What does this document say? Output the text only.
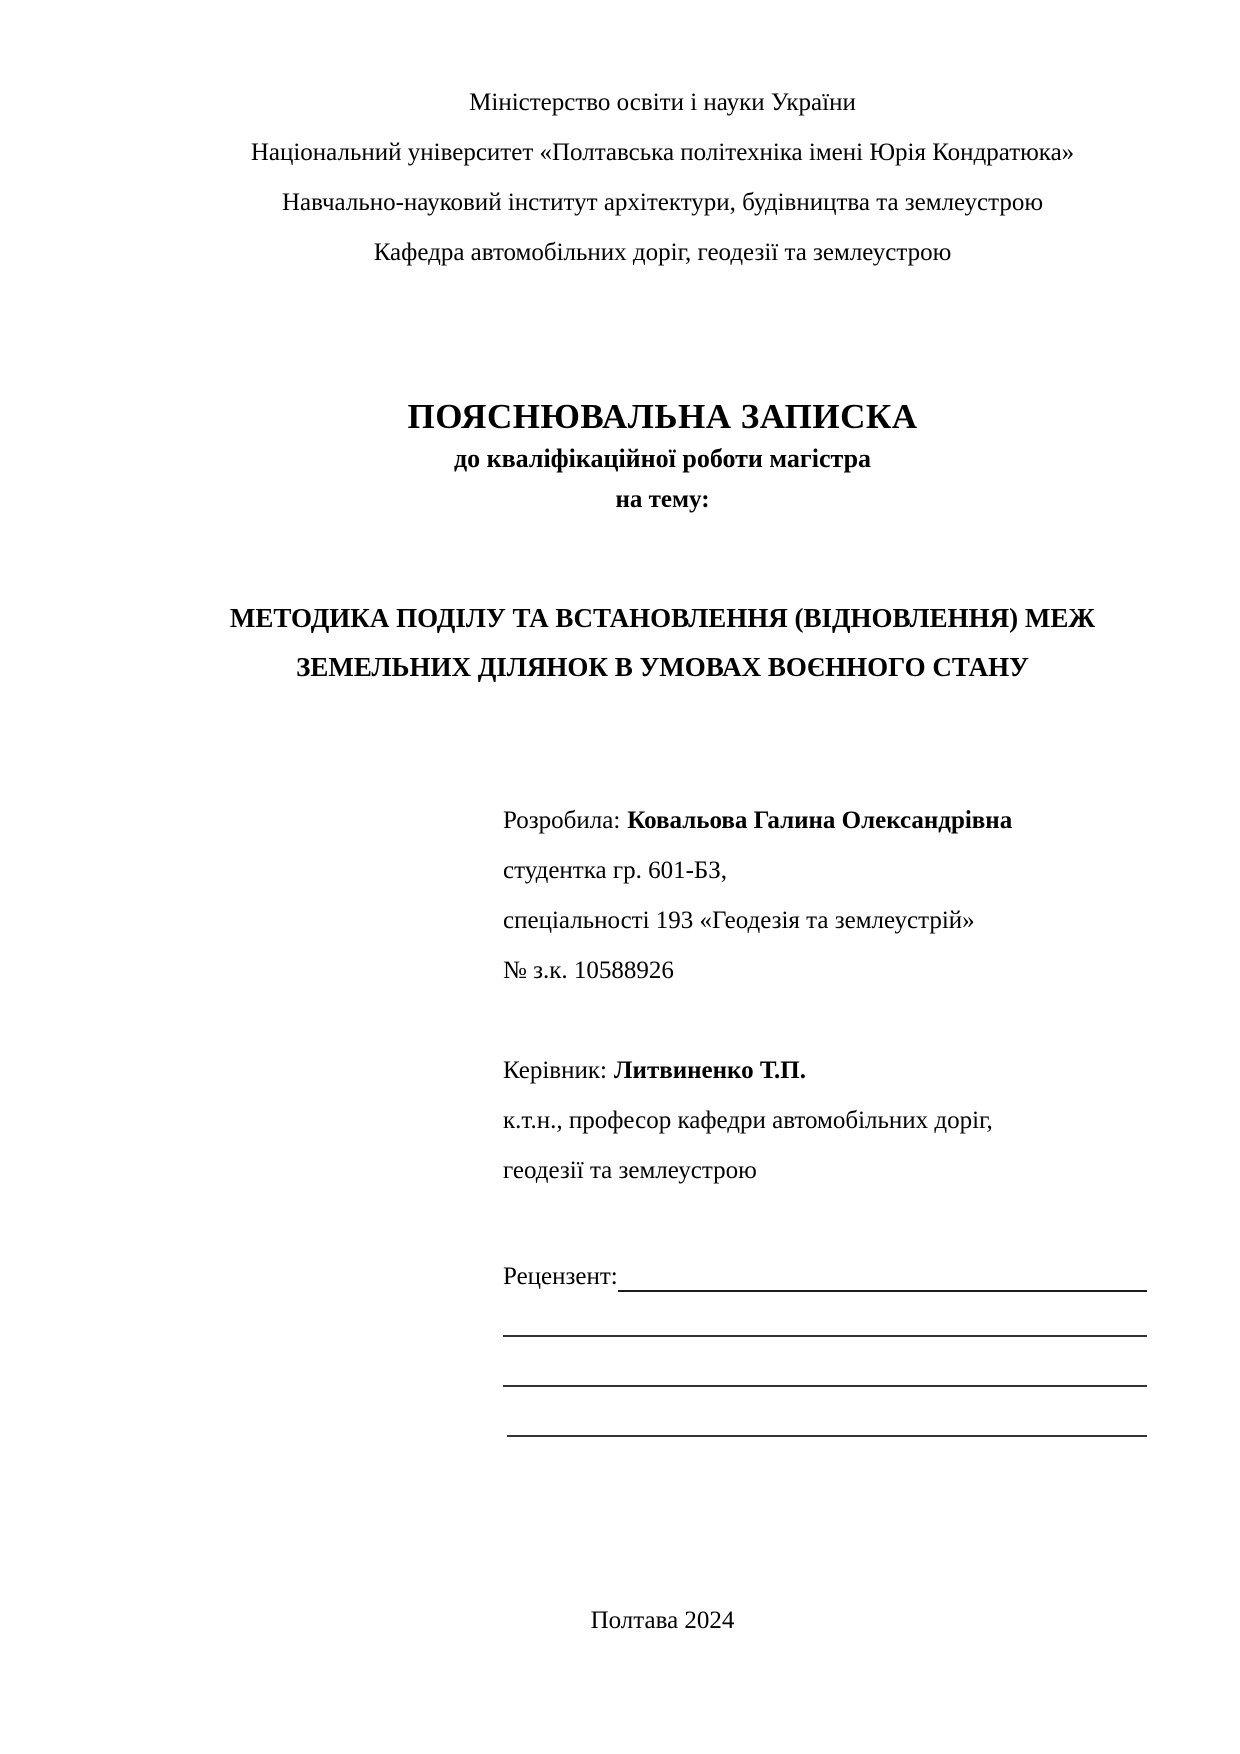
Міністерство освіти і науки України
Національний університет «Полтавська політехніка імені Юрія Кондратюка»
Навчально-науковий інститут архітектури, будівництва та землеустрою
Кафедра автомобільних доріг, геодезії та землеустрою
ПОЯСНЮВАЛЬНА ЗАПИСКА
до кваліфікаційної роботи магістра
на тему:
МЕТОДИКА ПОДІЛУ ТА ВСТАНОВЛЕННЯ (ВІДНОВЛЕННЯ) МЕЖ
ЗЕМЕЛЬНИХ ДІЛЯНОК В УМОВАХ ВОЄННОГО СТАНУ
Розробила: Ковальова Галина Олександрівна
студентка гр. 601-БЗ,
спеціальності 193 «Геодезія та землеустрій»
№ з.к. 10588926
Керівник: Литвиненко Т.П.
к.т.н., професор кафедри автомобільних доріг,
геодезії та землеустрою
Рецензент:
Полтава 2024
